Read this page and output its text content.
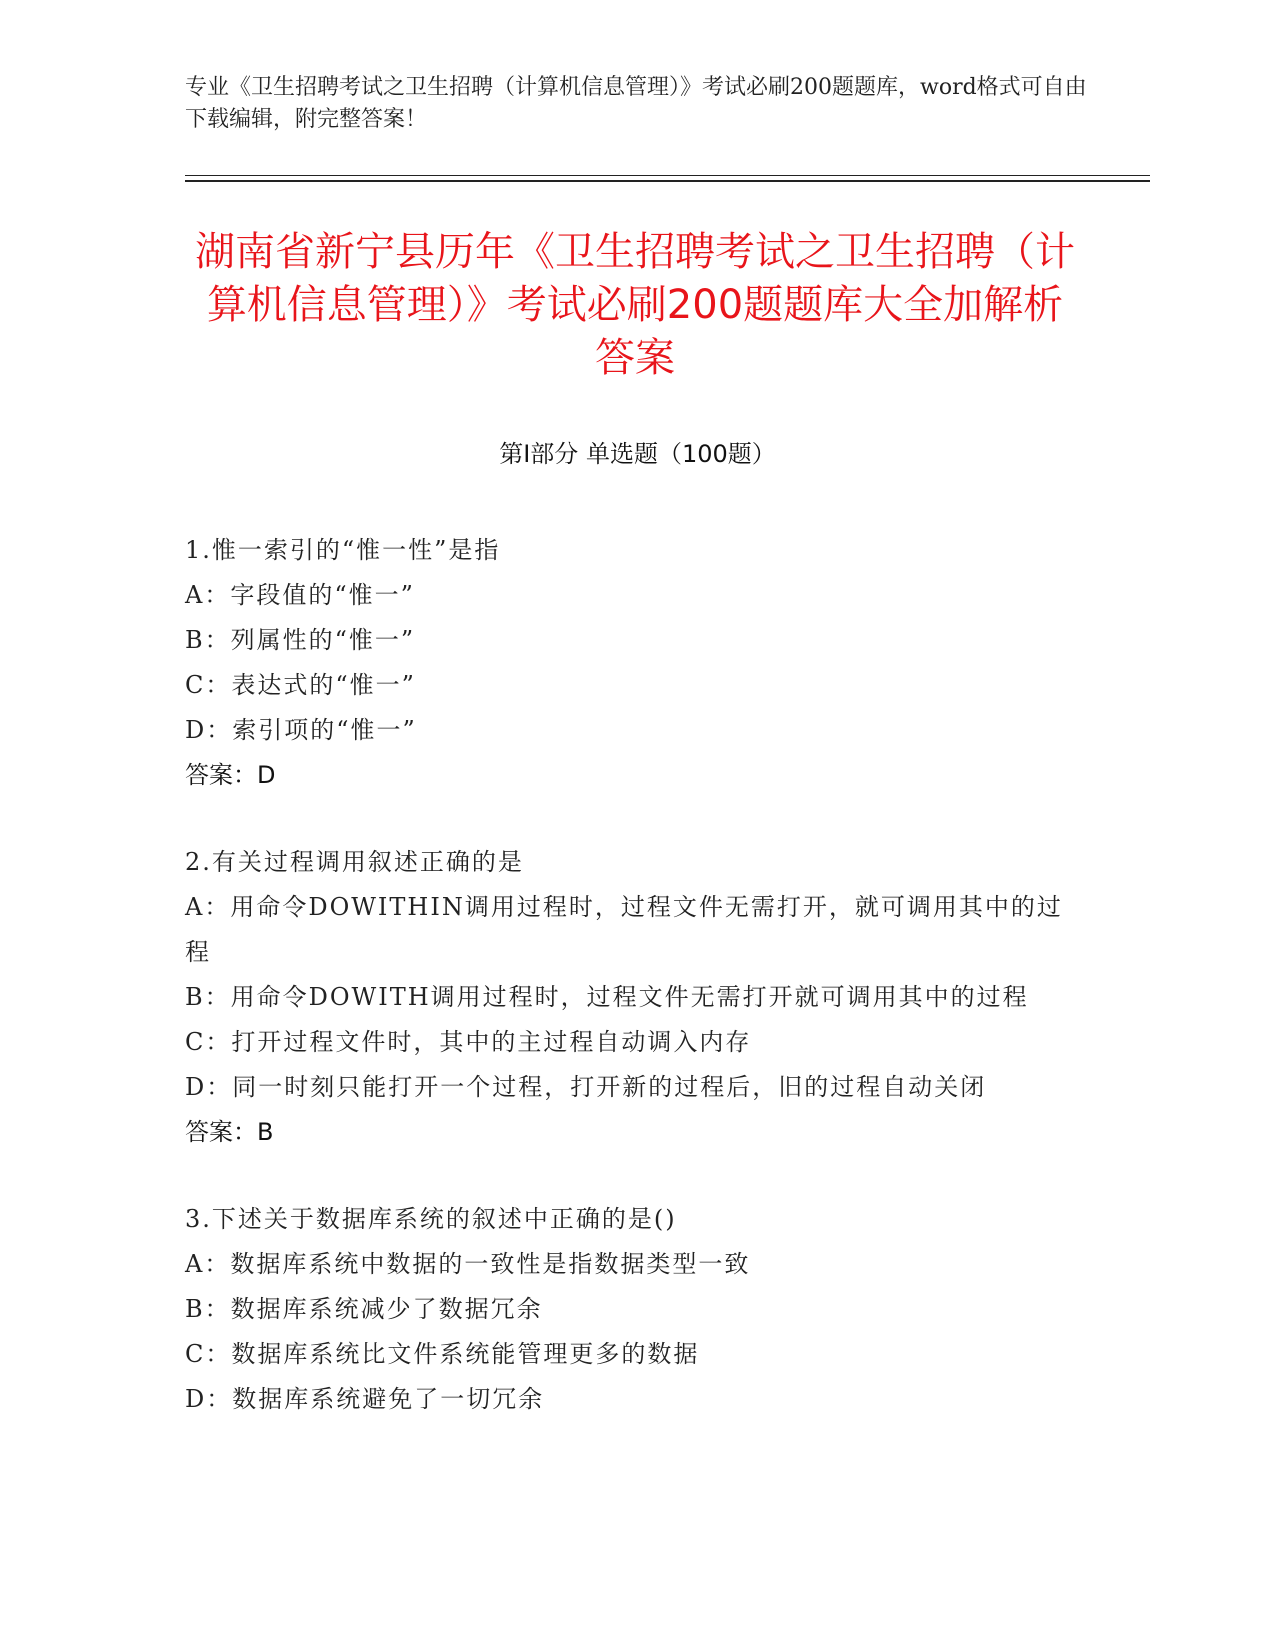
专业《卫生招聘考试之卫生招聘（计算机信息管理）》考试必刷200题题库，word格式可自由下载编辑，附完整答案！
湖南省新宁县历年《卫生招聘考试之卫生招聘（计算机信息管理）》考试必刷200题题库大全加解析答案
第Ⅰ部分 单选题（100题）
1.惟一索引的“惟一性”是指
A：字段值的“惟一”
B：列属性的“惟一”
C：表达式的“惟一”
D：索引项的“惟一”
答案：D
2.有关过程调用叙述正确的是
A：用命令DOWITHIN调用过程时，过程文件无需打开，就可调用其中的过程
B：用命令DOWITH调用过程时，过程文件无需打开就可调用其中的过程
C：打开过程文件时，其中的主过程自动调入内存
D：同一时刻只能打开一个过程，打开新的过程后，旧的过程自动关闭
答案：B
3.下述关于数据库系统的叙述中正确的是()
A：数据库系统中数据的一致性是指数据类型一致
B：数据库系统减少了数据冗余
C：数据库系统比文件系统能管理更多的数据
D：数据库系统避免了一切冗余
